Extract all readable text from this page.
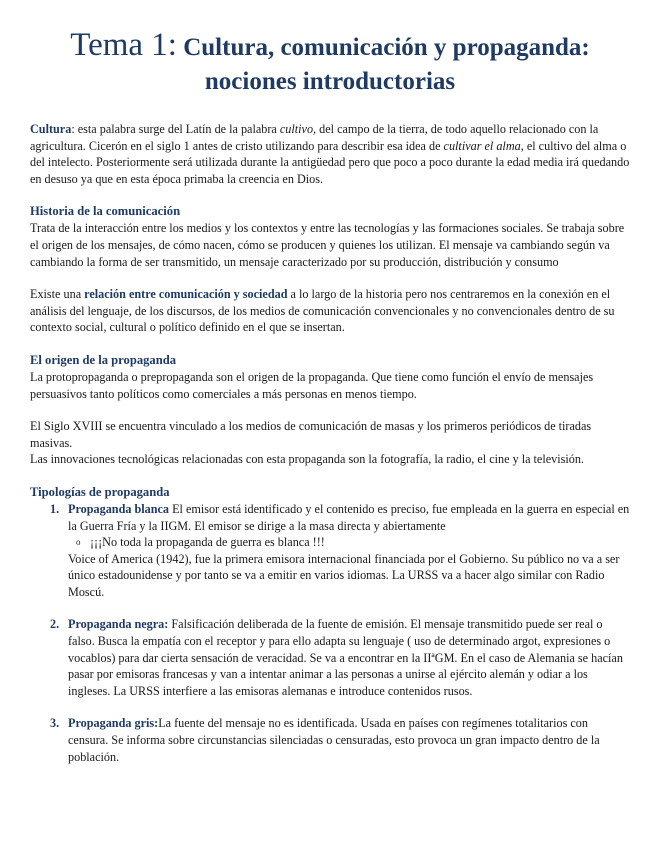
Tema 1: Cultura, comunicación y propaganda:
nociones introductorias

Cultura: esta palabra surge del Latín de la palabra cultivo, del campo de la tierra, de todo aquello relacionado con la agricultura. Cicerón en el siglo 1 antes de cristo utilizando para describir esa idea de cultivar el alma, el cultivo del alma o del intelecto. Posteriormente será utilizada durante la antigüedad pero que poco a poco durante la edad media irá quedando en desuso ya que en esta época primaba la creencia en Dios.

Historia de la comunicación

Trata de la interacción entre los medios y los contextos y entre las tecnologías y las formaciones sociales. Se trabaja sobre el origen de los mensajes, de cómo nacen, cómo se producen y quienes los utilizan. El mensaje va cambiando según va cambiando la forma de ser transmitido, un mensaje caracterizado por su producción, distribución y consumo

Existe una relación entre comunicación y sociedad a lo largo de la historia pero nos centraremos en la conexión en el análisis del lenguaje, de los discursos, de los medios de comunicación convencionales y no convencionales dentro de su contexto social, cultural o político definido en el que se insertan.

El origen de la propaganda

La protopropaganda o prepropaganda son el origen de la propaganda. Que tiene como función el envío de mensajes persuasivos tanto políticos como comerciales a más personas en menos tiempo.

El Siglo XVIII se encuentra vinculado a los medios de comunicación de masas y los primeros periódicos de tiradas masivas.

Las innovaciones tecnológicas relacionadas con esta propaganda son la fotografía, la radio, el cine y la televisión.

Tipologías de propaganda
1. Propaganda blanca El emisor está identificado y el contenido es preciso, fue empleada en la guerra en especial en la Guerra Fría y la IIGM. El emisor se dirige a la masa directa y abiertamente
o ¡¡¡No toda la propaganda de guerra es blanca !!!
Voice of America (1942), fue la primera emisora internacional financiada por el Gobierno. Su público no va a ser único estadounidense y por tanto se va a emitir en varios idiomas. La URSS va a hacer algo similar con Radio Moscú.
2. Propaganda negra: Falsificación deliberada de la fuente de emisión. El mensaje transmitido puede ser real o falso. Busca la empatía con el receptor y para ello adapta su lenguaje ( uso de determinado argot, expresiones o vocablos) para dar cierta sensación de veracidad. Se va a encontrar en la IIªGM. En el caso de Alemania se hacían pasar por emisoras francesas y van a intentar animar a las personas a unirse al ejército alemán y odiar a los ingleses. La URSS interfiere a las emisoras alemanas e introduce contenidos rusos.
3. Propaganda gris:La fuente del mensaje no es identificada. Usada en países con regímenes totalitarios con censura. Se informa sobre circunstancias silenciadas o censuradas, esto provoca un gran impacto dentro de la población.
